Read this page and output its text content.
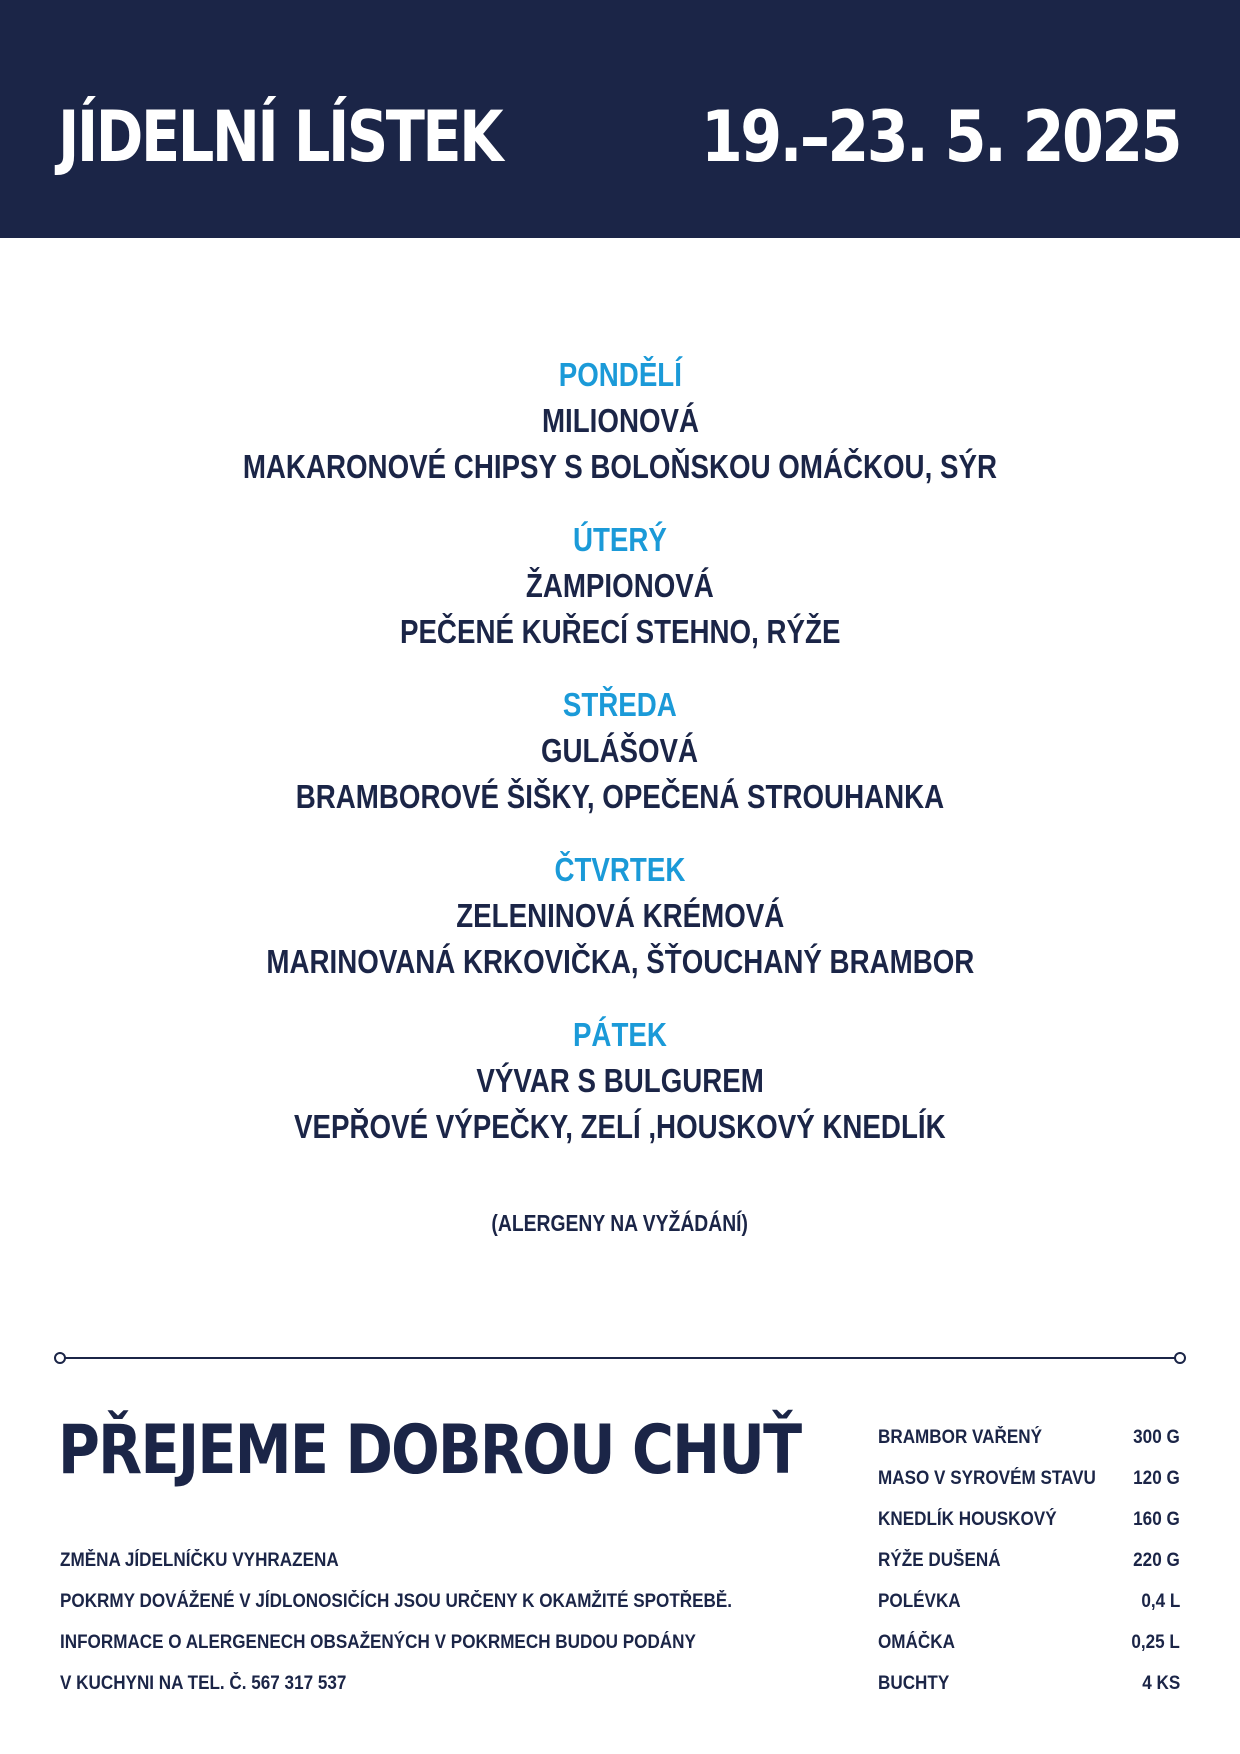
JÍDELNÍ LÍSTEK	19.–23. 5. 2025
PONDĚLÍ
MILIONOVÁ
MAKARONOVÉ CHIPSY S BOLOŇSKOU OMÁČKOU, SÝR
ÚTERÝ
ŽAMPIONOVÁ
PEČENÉ KUŘECÍ STEHNO, RÝŽE
STŘEDA
GULÁŠOVÁ
BRAMBOROVÉ ŠIŠKY, OPEČENÁ STROUHANKA
ČTVRTEK
ZELENINOVÁ KRÉMOVÁ
MARINOVANÁ KRKOVIČKA, ŠŤOUCHANÝ BRAMBOR
PÁTEK
VÝVAR S BULGUREM
VEPŘOVÉ VÝPEČKY, ZELÍ ,HOUSKOVÝ KNEDLÍK
(ALERGENY NA VYŽÁDÁNÍ)
PŘEJEME DOBROU CHUŤ
ZMĚNA JÍDELNÍČKU VYHRAZENA
POKRMY DOVÁŽENÉ V JÍDLONOSIČÍCH JSOU URČENY K OKAMŽITÉ SPOTŘEBĚ.
INFORMACE O ALERGENECH OBSAŽENÝCH V POKRMECH BUDOU PODÁNY
V KUCHYNI NA TEL. Č. 567 317 537
BRAMBOR VAŘENÝ	300 G
MASO V SYROVÉM STAVU 120 G
KNEDLÍK HOUSKOVÝ	160 G
RÝŽE DUŠENÁ	220 G
POLÉVKA	0,4 L
OMÁČKA	0,25 L
BUCHTY	4 KS
